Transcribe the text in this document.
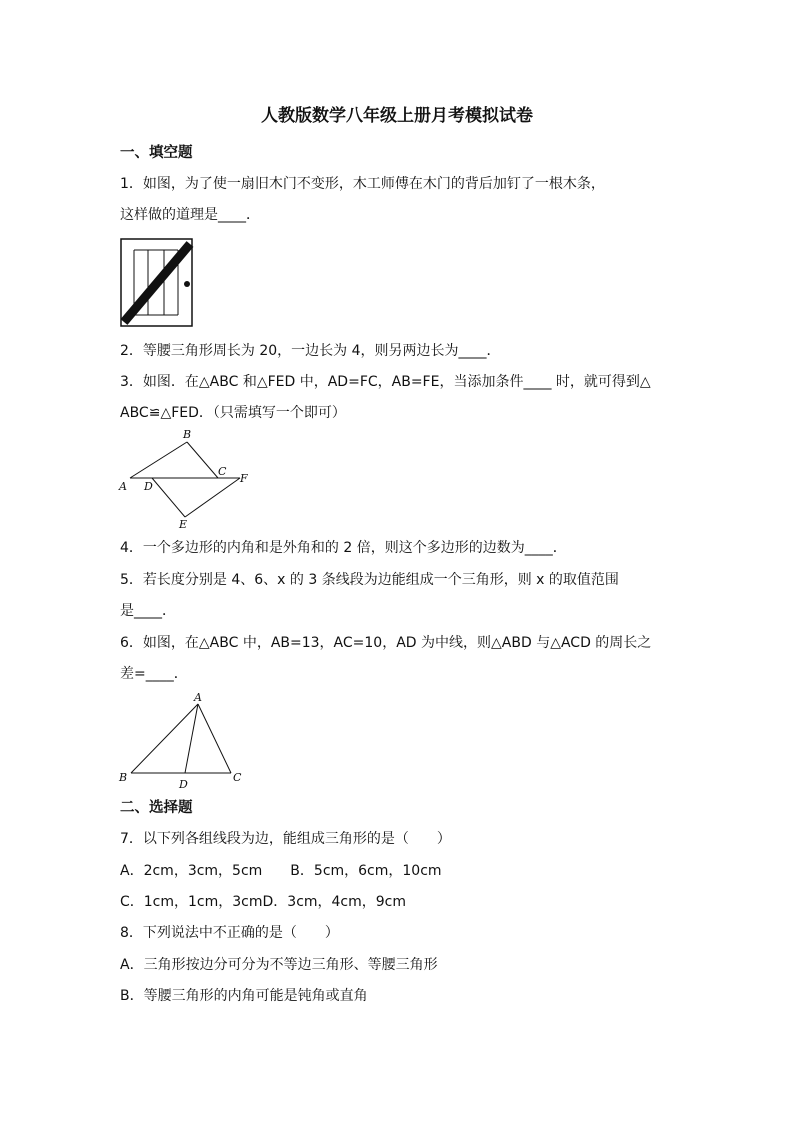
人教版数学八年级上册月考模拟试卷
一、填空题
1．如图，为了使一扇旧木门不变形，木工师傅在木门的背后加钉了一根木条，
这样做的道理是____．
2．等腰三角形周长为 20，一边长为 4，则另两边长为____．
3．如图．在△ABC 和△FED 中，AD=FC，AB=FE，当添加条件____ 时，就可得到△
ABC≌△FED．（只需填写一个即可）
A
B
C
D
E
F
4．一个多边形的内角和是外角和的 2 倍，则这个多边形的边数为____．
5．若长度分别是 4、6、x 的 3 条线段为边能组成一个三角形，则 x 的取值范围
是____．
6．如图，在△ABC 中，AB=13，AC=10，AD 为中线，则△ABD 与△ACD 的周长之
差=____．
A
B	C
D
二、选择题
7．以下列各组线段为边，能组成三角形的是（　　）
A．2cm，3cm，5cm　　B．5cm，6cm，10cm
C．1cm，1cm，3cmD．3cm，4cm，9cm
8．下列说法中不正确的是（　　）
A．三角形按边分可分为不等边三角形、等腰三角形
B．等腰三角形的内角可能是钝角或直角
